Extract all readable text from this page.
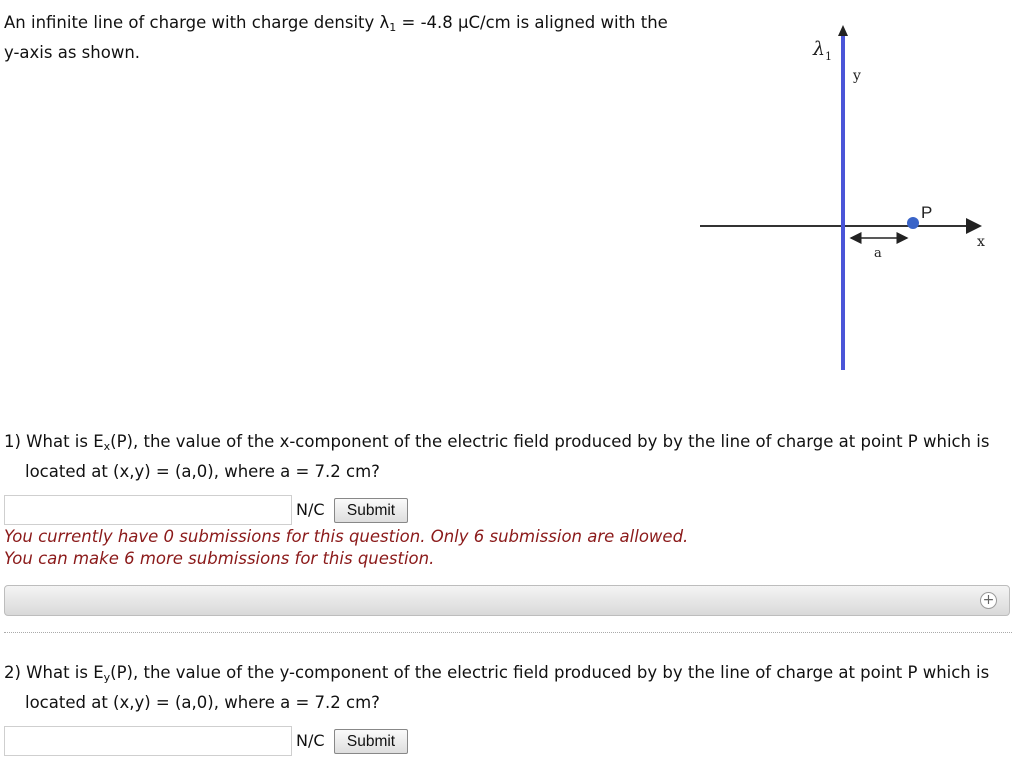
An infinite line of charge with charge density $\lambda_1 = -4.8$ μC/cm is aligned with the
y-axis as shown.	λ 1
y
P
a
x
1) What is $E_x(P)$, the value of the x-component of the electric field produced by by the line of charge at point P which is
located at (x,y) = (a,0), where a = 7.2 cm?
N/C	Submit
You currently have 0 submissions for this question. Only 6 submission are allowed.
You can make 6 more submissions for this question.
+
2) What is $E_y(P)$, the value of the y-component of the electric field produced by by the line of charge at point P which is
located at (x,y) = (a,0), where a = 7.2 cm?
N/C	Submit
